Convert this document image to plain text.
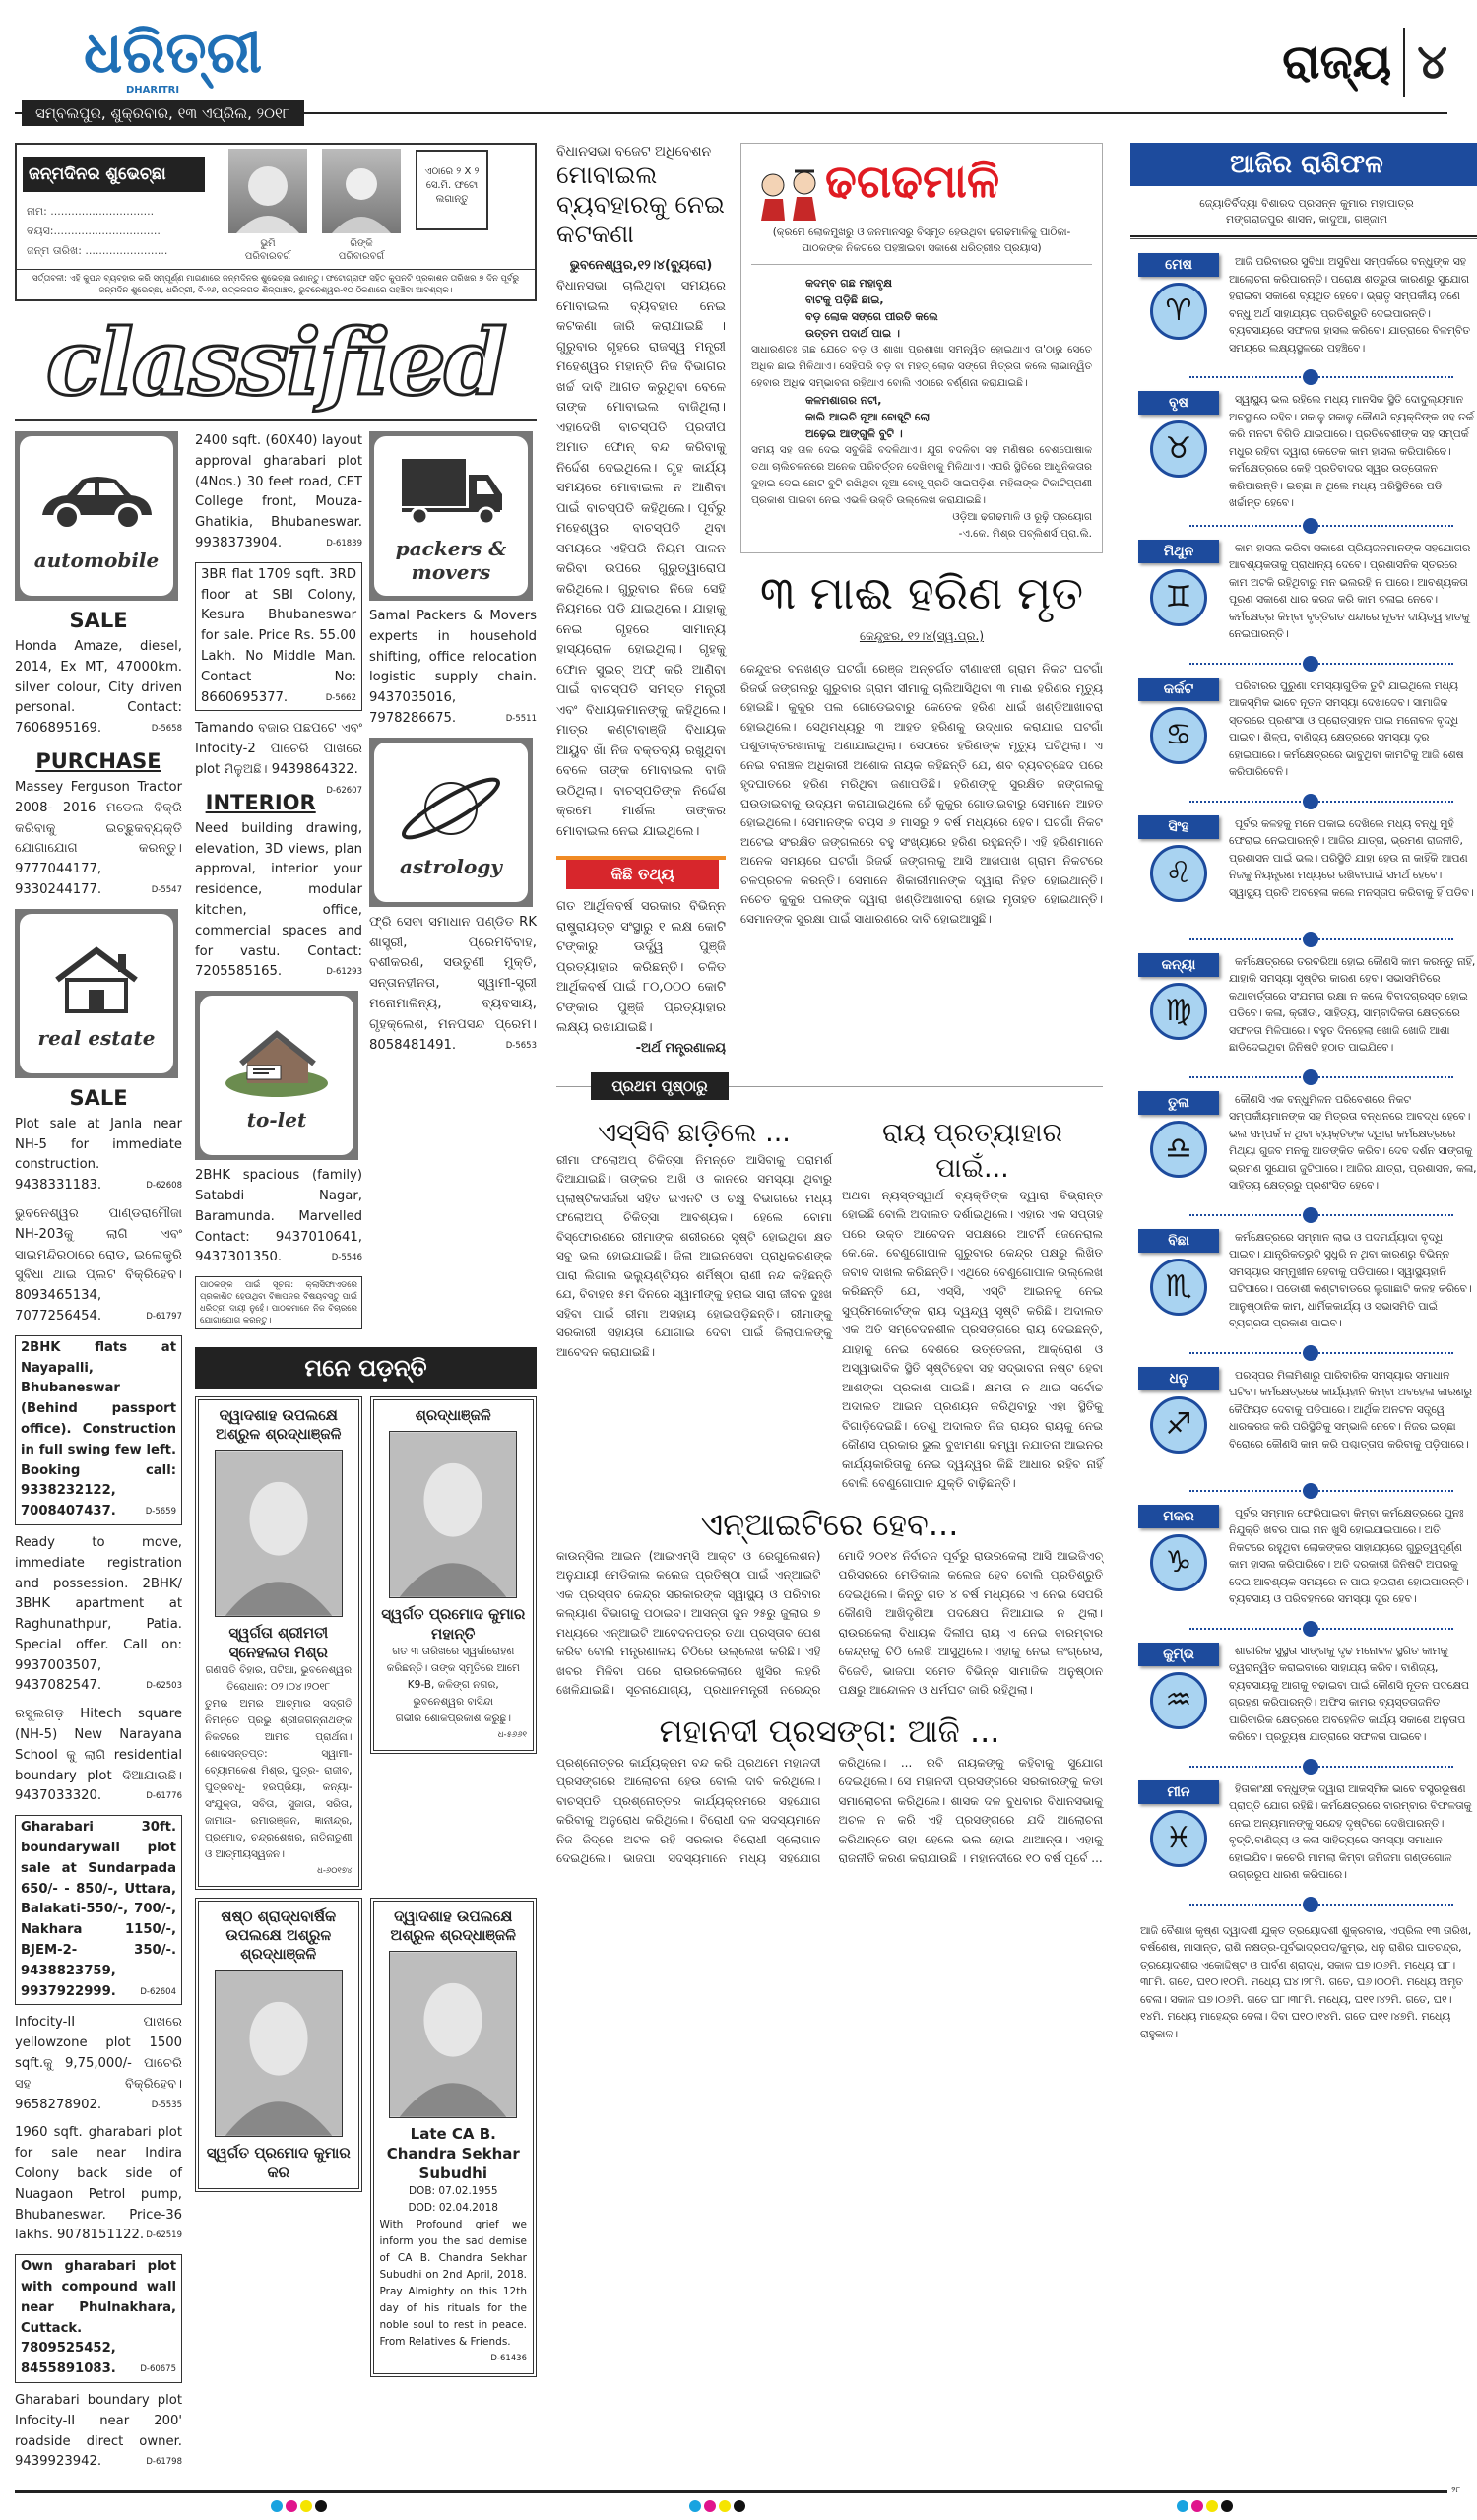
ଧରିତ୍ରୀ
DHARITRI
ସମ୍ବଲପୁର, ଶୁକ୍ରବାର, ୧୩ ଏପ୍ରିଲ, ୨୦୧୮
ରାଜ୍ୟ ୪
ଜନ୍ମଦିନର ଶୁଭେଚ୍ଛା
ନାମ: ..............................
ବୟସ:...............................
ଜନ୍ମ ତାରିଖ: ........................
ଭୁମି
ପରିବାରବର୍ଗ
ରିଙ୍କି
ପରିବାରବର୍ଗ
ଏଠାରେ ୨ X ୨ ସେ.ମି. ଫଟୋ ଲଗାନ୍ତୁ
ସର୍ତ୍ତାବଳୀ: ଏହି କୁପନ ବ୍ୟବହାର କରି ସମ୍ପୂର୍ଣ୍ଣ ମାଗଣାରେ ଜନ୍ମଦିନର ଶୁଭେଚ୍ଛା ଜଣାନ୍ତୁ। ଫଟୋଗ୍ରାଫ ସହିତ କୁପନଟି ପ୍ରକାଶନ ତାରିଖର ୭ ଦିନ ପୂର୍ବରୁ ଜନ୍ମଦିନ ଶୁଭେଚ୍ଛା, ଧରିତ୍ରୀ, ବି-୨୬, ଉତ୍କଳଗଡ ଶିଳ୍ପାଞ୍ଚଳ, ଭୁବନେଶ୍ୱର-୧୦ ଠିକଣାରେ ପହଞ୍ଚିବା ଆବଶ୍ୟକ।
classified
automobile
SALE
Honda Amaze, diesel, 2014, Ex MT, 47000km. silver colour, City driven personal. Contact: 7606895169.	D-5658
PURCHASE
Massey Ferguson Tractor 2008- 2016 ମଡେଲ ବିକ୍ରି କରିବାକୁ ଇଚ୍ଛୁକବ୍ୟକ୍ତି ଯୋଗାଯୋଗ କରନ୍ତୁ। 9777044177, 9330244177.	D-5547
real estate
SALE
Plot sale at Janla near NH-5 for immediate construction. 9438331183.	D-62608
ଭୁବନେଶ୍ୱର ପାଣ୍ଡରାମୌଜା NH-203କୁ ଲାଗି ଏବଂ ସାଇମନ୍ଦିରଠାରେ ରୋଡ, ଇଲେକ୍ଟ୍ରି ସୁବିଧା ଥାଇ ପ୍ଲଟ ବିକ୍ରିହେବ। 8093465134, 7077256454.	D-61797
2BHK flats at Nayapalli, Bhubaneswar (Behind passport office). Construction in full swing few left. Booking call: 9338232122, 7008407437.	D-5659
Ready to move, immediate registration and possession. 2BHK/ 3BHK apartment at Raghunathpur, Patia. Special offer. Call on: 9937003507, 9437082547.	D-62503
ରସୁଲଗଡ଼ Hitech square (NH-5) New Narayana School କୁ ଲାଗି residential boundary plot ଦିଆଯାଉଛି। 9437033320.	D-61776
Gharabari 30ft. boundarywall plot sale at Sundarpada 650/- - 850/-, Uttara, Balakati-550/-, 700/-, Nakhara 1150/-, BJEM-2- 350/-. 9438823759, 9937922999.	D-62604
Infocity-II ପାଖରେ yellowzone plot 1500 sqft.କୁ 9,75,000/- ପାଚେରି ସହ ବିକ୍ରିହେବ। 9658278902.	D-5535
1960 sqft. gharabari plot for sale near Indira Colony back side of Nuagaon Petrol pump, Bhubaneswar. Price-36 lakhs. 9078151122. D-62519
Own gharabari plot with compound wall near Phulnakhara, Cuttack. 7809525452, 8455891083.	D-60675
Gharabari boundary plot Infocity-II near 200' roadside direct owner. 9439923942.	D-61798
2400 sqft. (60X40) layout approval gharabari plot (4Nos.) 30 feet road, CET College front, Mouza-Ghatikia, Bhubaneswar. 9938373904.	D-61839
3BR flat 1709 sqft. 3RD floor at SBI Colony, Kesura Bhubaneswar for sale. Price Rs. 55.00 Lakh. No Middle Man. Contact No: 8660695377.	D-5662
Tamando ବଜାର ପଛପଟେ ଏବଂ Infocity-2 ପାଚେରି ପାଖରେ plot ମିଳୁଅଛି। 9439864322.
D-62607
INTERIOR
Need building drawing, elevation, 3D views, plan approval, interior your residence, modular kitchen, office, commercial spaces and for vastu. Contact: 7205585165.	D-61293
to-let
2BHK spacious (family) Satabdi Nagar, Baramunda. Marvelled Contact: 9437010641, 9437301350.	D-5546
ପାଠକଙ୍କ ପାଇଁ ସୂଚନା: କ୍ଲାସିଫାଏଡରେ ପ୍ରକାଶିତ ହେଉଥିବା ବିଜ୍ଞାପନର ବିଷୟବସ୍ତୁ ପାଇଁ ଧରିତ୍ରୀ ଦାୟୀ ନୁହେଁ। ପାଠକମାନେ ନିଜ ବିଚାରରେ ଯୋଗାଯୋଗ କରନ୍ତୁ।
packers & movers
Samal Packers & Movers experts in household shifting, office relocation logistic supply chain. 9437035016, 7978286675.	D-5511
astrology
ଫ୍ରି ସେବା ସମାଧାନ ପଣ୍ଡିତ RK ଶାସ୍ତ୍ରୀ, ପ୍ରେମବିବାହ, ବଶୀକରଣ, ସଉତୁଣୀ ମୁକ୍ତି, ସନ୍ତାନହୀନତା, ସ୍ୱାମୀ-ସ୍ତ୍ରୀ ମନୋମାଳିନ୍ୟ, ବ୍ୟବସାୟ, ଗୃହକ୍ଲେଶ, ମନପସନ୍ଦ ପ୍ରେମ। 8058481491.	D-5653
ମନେ ପଡ଼ନ୍ତି
ଦ୍ୱାଦଶାହ ଉପଲକ୍ଷେ ଅଶ୍ରୁଳ ଶ୍ରଦ୍ଧାଞ୍ଜଳି
ସ୍ୱର୍ଗତା ଶ୍ରୀମତୀ ସ୍ନେହଲତା ମିଶ୍ର
ଗଣପତି ବିହାର, ପଟିଆ, ଭୁବନେଶ୍ୱର
ତିରୋଧାନ: ୦୨।୦୪।୨୦୧୮
ତୁମର ଅମର ଆତ୍ମାର ସଦ୍‌ଗତି ନିମନ୍ତେ ପ୍ରଭୁ ଶ୍ରୀଜଗନ୍ନାଥଙ୍କ ନିକଟରେ ଆମର ପ୍ରାର୍ଥନା। ଶୋକସନ୍ତପ୍ତ: ସ୍ୱାମୀ- ବ୍ୟୋମକେଶ ମିଶ୍ର, ପୁତ୍ର- ରାଜୀବ, ପୁତ୍ରବଧୂ- ହରପ୍ରିୟା, କନ୍ୟା- ସଂଯୁକ୍ତା, ସବିତା, ସୁଜାତା, ସରିତା, ଜାମାତା- ରମାରଞ୍ଜନ, ଜ୍ଞାନୀନ୍ଦ୍ର, ପ୍ରମୋଦ, ଚନ୍ଦ୍ରଶେଖର, ନାତିନାତୁଣୀ ଓ ଆତ୍ମୀୟସ୍ୱଜନ।
ଧ-୬୦୧୭୪
ଶ୍ରଦ୍ଧାଞ୍ଜଳି
ସ୍ୱର୍ଗତ ପ୍ରମୋଦ କୁମାର ମହାନ୍ତି
ଗତ ୩ ତାରିଖରେ ସ୍ୱର୍ଗାରୋହଣ କରିଛନ୍ତି। ତାଙ୍କ ସ୍ମୃତିରେ ଆମେ
K9-B, କଳିଙ୍ଗ ନଗର,
ଭୁବନେଶ୍ୱର ବାସିନ୍ଦା
ଗଭୀର ଶୋକପ୍ରକାଶ କରୁଛୁ।
ଧ-୫୬୬୧
ଷଷ୍ଠ ଶ୍ରାଦ୍ଧବାର୍ଷିକ ଉପଲକ୍ଷେ ଅଶ୍ରୁଳ ଶ୍ରଦ୍ଧାଞ୍ଜଳି
ସ୍ୱର୍ଗତ ପ୍ରମୋଦ କୁମାର କର
ଦ୍ୱାଦଶାହ ଉପଲକ୍ଷେ ଅଶ୍ରୁଳ ଶ୍ରଦ୍ଧାଞ୍ଜଳି
Late CA B. Chandra Sekhar Subudhi
DOB: 07.02.1955
DOD: 02.04.2018
With Profound grief we inform you the sad demise of CA B. Chandra Sekhar Subudhi on 2nd April, 2018. Pray Almighty on this 12th day of his rituals for the noble soul to rest in peace. From Relatives & Friends.
D-61436
ବିଧାନସଭା ବଜେଟ ଅଧିବେଶନ
ମୋବାଇଲ ବ୍ୟବହାରକୁ ନେଇ କଟକଣା
ଭୁବନେଶ୍ୱର,୧୨।୪(ବ୍ୟୁରୋ)
ବିଧାନସଭା ଚାଲିଥିବା ସମୟରେ ମୋବାଇଲ ବ୍ୟବହାର ନେଇ କଟକଣା ଜାରି କରାଯାଇଛି । ଗୁରୁବାର ଗୃହରେ ରାଜସ୍ୱ ମନ୍ତ୍ରୀ ମହେଶ୍ୱର ମହାନ୍ତି ନିଜ ବିଭାଗର ଖର୍ଚ୍ଚ ଦାବି ଆଗତ କରୁଥିବା ବେଳେ ତାଙ୍କ ମୋବାଇଲ ବାଜିଥିଲା। ଏହାଦେଖି ବାଚସ୍ପତି ପ୍ରଦୀପ ଅମାତ ଫୋନ୍ ବନ୍ଦ କରିବାକୁ ନିର୍ଦ୍ଦେଶ ଦେଇଥିଲେ। ଗୃହ କାର୍ଯ୍ୟ ସମୟରେ ମୋବାଇଲ ନ ଆଣିବା ପାଇଁ ବାଚସ୍ପତି କହିଥିଲେ। ପୂର୍ବରୁ ମହେଶ୍ୱର ବାଚସ୍ପତି ଥିବା ସମୟରେ ଏହିପରି ନିୟମ ପାଳନ କରିବା ଉପରେ ଗୁରୁତ୍ୱାରୋପ କରିଥିଲେ। ଗୁରୁବାର ନିଜେ ସେହି ନିୟମରେ ପଡି ଯାଇଥିଲେ। ଯାହାକୁ ନେଇ ଗୃହରେ ସାମାନ୍ୟ ହାସ୍ୟରୋଳ ହୋଇଥିଲା। ଗୃହକୁ ଫୋନ ସୁଇଚ୍ ଅଫ୍ କରି ଆଣିବା ପାଇଁ ବାଚସ୍ପତି ସମସ୍ତ ମନ୍ତ୍ରୀ ଏବଂ ବିଧାୟକମାନଙ୍କୁ କହିଥିଲେ। ମାତ୍ର କଣ୍ଟାବାଞ୍ଜି ବିଧାୟକ ଆୟୁବ ଖାଁ ନିଜ ବକ୍ତବ୍ୟ ରଖୁଥିବା ବେଳେ ତାଙ୍କ ମୋବାଇଲ ବାଜି ଉଠିଥିଲା। ବାଚସ୍ପତିଙ୍କ ନିର୍ଦ୍ଦେଶ କ୍ରମେ ମାର୍ଶଲ ତାଙ୍କର ମୋବାଇଲ ନେଇ ଯାଇଥିଲେ।
କିଛି ତଥ୍ୟ
ଗତ ଆର୍ଥିକବର୍ଷ ସରକାର ବିଭିନ୍ନ ରାଷ୍ଟ୍ରାୟତ୍ତ ସଂସ୍ଥାରୁ ୧ ଲକ୍ଷ କୋଟି ଟଙ୍କାରୁ ଊର୍ଦ୍ଧ୍ୱ ପୁଞ୍ଜି ପ୍ରତ୍ୟାହାର କରିଛନ୍ତି। ଚଳିତ ଆର୍ଥିକବର୍ଷ ପାଇଁ ୮୦,୦୦୦ କୋଟି ଟଙ୍କାର ପୁଞ୍ଜି ପ୍ରତ୍ୟାହାର ଲକ୍ଷ୍ୟ ରଖାଯାଇଛି।
-ଅର୍ଥ ମନ୍ତ୍ରଣାଳୟ
ଢଗଢମାଳି
(କ୍ରମେ ଲୋକମୁଖରୁ ଓ ଜନମାନସରୁ ବିସ୍ମୃତ ହେଉଥିବା ଢଗଢମାଳିକୁ ପାଠିକା-ପାଠକଙ୍କ ନିକଟରେ ପହଞ୍ଚାଇବା ସକାଶେ ଧରିତ୍ରୀର ପ୍ରୟାସ)
କଦମ୍ବ ଗଛ ମହାବୃକ୍ଷ
ବାଟକୁ ପଡ଼ିଛି ଛାଇ,
ବଡ଼ ଲୋକ ସଙ୍ଗେ ପୀରତି କଲେ
ଉତ୍ତମ ପଦାର୍ଥ ପାଇ ।
ସାଧାରଣତଃ ଗଛ ଯେତେ ବଡ଼ ଓ ଶାଖା ପ୍ରଶାଖା ସମନ୍ୱିତ ହୋଇଥାଏ ତା'ଠାରୁ ସେତେ ଅଧିକ ଛାଇ ମିଳିଥାଏ। ସେହିପରି ବଡ଼ ବା ମହତ୍ ଲୋକ ସଙ୍ଗେ ମିତ୍ରତା କଲେ ଲାଭାନ୍ୱିତ ହେବାର ଅଧିକ ସମ୍ଭାବନା ରହିଥାଏ ବୋଲି ଏଠାରେ ବର୍ଣ୍ଣନା କରାଯାଇଛି।
କଳମଶାଗର ନଟୀ,
କାଲି ଆଇଚି ନୂଆ ବୋହୂଟି ଲୋ
ଅଢ଼େଇ ଆଙ୍ଗୁଳି ବୁଟି ।
ସମୟ ସହ ତାଳ ଦେଇ ସବୁକିଛି ବଦଳିଥାଏ। ଯୁଗ ବଦଳିବା ସହ ମଣିଷର ବେଶପୋଷାକ ତଥା ଚାଲିଚଳନରେ ଅନେକ ପରିବର୍ତ୍ତନ ଦେଖିବାକୁ ମିଳିଥାଏ। ଏପରି ସ୍ଥିତିରେ ଆଧୁନିକତାର ଦୁହାଇ ଦେଇ ଛୋଟ ବୁଟି ରଖିଥିବା ନୂଆ ବୋହୂ ପ୍ରତି ସାଇପଡ଼ିଶା ମହିଳାଙ୍କ ଟିକାଟିପ୍ପଣୀ ପ୍ରକାଶ ପାଇବା ନେଇ ଏଭଳି ଉକ୍ତି ଉଲ୍ଲେଖ କରାଯାଇଛି।
ଓଡ଼ିଆ ଢଗଢମାଳି ଓ ରୂଢ଼ି ପ୍ରୟୋଗ
-ଏ.କେ. ମିଶ୍ର ପବ୍ଲିଶର୍ସ ପ୍ରା.ଲି.
୩ ମାଈ ହରିଣ ମୃତ
କେନ୍ଦୁଝର, ୧୨।୪(ସ୍ୱ.ପ୍ର.)
କେନ୍ଦୁଝର ବନଖଣ୍ଡ ଘଟଗାଁ ରେଞ୍ଜ ଅନ୍ତର୍ଗତ ବୀଣାଝରୀ ଗ୍ରାମ ନିକଟ ଘଟଗାଁ ରିଜର୍ଭ ଜଙ୍ଗଲରୁ ଗୁରୁବାର ଗ୍ରାମ ସୀମାକୁ ଚାଲିଆସିଥିବା ୩ ମାଈ ହରିଣର ମୃତ୍ୟୁ ହୋଇଛି। କୁକୁର ପଲ ଗୋଡେଇବାରୁ କେତେକ ହରିଣ ଧାଇଁ ଖଣ୍ଡିଆଖାବରା ହୋଇଥିଲେ। ସେଥିମଧ୍ୟରୁ ୩ ଆହତ ହରିଣକୁ ଉଦ୍ଧାର କରାଯାଇ ଘଟଗାଁ ପଶୁଡାକ୍ତରଖାନାକୁ ଅଣାଯାଇଥିଲା। ସେଠାରେ ହରିଣଙ୍କ ମୃତ୍ୟୁ ଘଟିଥିଲା। ଏ ନେଇ ବନାଞ୍ଚଳ ଅଧିକାରୀ ଅଶୋକ ନାୟକ କହିଛନ୍ତି ଯେ, ଶବ ବ୍ୟବଚ୍ଛେଦ ପରେ ହୃଦଘାତରେ ହରିଣ ମରିଥିବା ଜଣାପଡିଛି। ହରିଣଙ୍କୁ ସୁରକ୍ଷିତ ଜଙ୍ଗଲକୁ ଘଉଡାଇବାକୁ ଉଦ୍ୟମ କରାଯାଇଥିଲେ ହେଁ କୁକୁର ଗୋଡାଇବାରୁ ସେମାନେ ଆହତ ହୋଇଥିଲେ। ସେମାନଙ୍କ ବୟସ ୬ ମାସରୁ ୨ ବର୍ଷ ମଧ୍ୟରେ ହେବ। ଘଟଗାଁ ନିକଟ ଅଟେଇ ସଂରକ୍ଷିତ ଜଙ୍ଗଲରେ ବହୁ ସଂଖ୍ୟାରେ ହରିଣ ରହୁଛନ୍ତି। ଏହି ହରିଣମାନେ ଅନେକ ସମୟରେ ଘଟଗାଁ ରିଜର୍ଭ ଜଙ୍ଗଲକୁ ଆସି ଆଖପାଖ ଗ୍ରାମ ନିକଟରେ ଚଳପ୍ରଚଳ କରନ୍ତି। ସେମାନେ ଶିକାରୀମାନଙ୍କ ଦ୍ୱାରା ନିହତ ହୋଇଥାନ୍ତି। ନଚେତ କୁକୁର ପଲଙ୍କ ଦ୍ୱାରା ଖଣ୍ଡିଆଖାବରା ହୋଇ ମୃତାହତ ହୋଇଥାନ୍ତି। ସେମାନଙ୍କ ସୁରକ୍ଷା ପାଇଁ ସାଧାରଣରେ ଦାବି ହୋଇଆସୁଛି।
ପ୍ରଥମ ପୃଷ୍ଠାରୁ
ଏସ୍‌ସିବି ଛାଡ଼ିଲେ ...
ରୀମା ଫଲୋଅପ୍ ଚିକିତ୍ସା ନିମନ୍ତେ ଆସିବାକୁ ପରାମର୍ଶ ଦିଆଯାଇଛି। ତାଙ୍କର ଆଖି ଓ କାନରେ ସମସ୍ୟା ଥିବାରୁ ପ୍ଲାଷ୍ଟିକସର୍ଜରୀ ସହିତ ଇଏନଟି ଓ ଚକ୍ଷୁ ବିଭାଗରେ ମଧ୍ୟ ଫଲୋଅପ୍ ଚିକିତ୍ସା ଆବଶ୍ୟକ। ହେଲେ ବୋମା ବିସ୍ଫୋରଣରେ ରୀମାଙ୍କ ଶରୀରରେ ସୃଷ୍ଟି ହୋଇଥିବା କ୍ଷତ ସବୁ ଭଲ ହୋଇଯାଇଛି। ଜିଲା ଆଇନସେବା ପ୍ରାଧିକରଣଙ୍କ ପାରା ଲିଗାଲ ଭଲ୍ୟୁଣ୍ଟିୟର ଶର୍ମିଷ୍ଠା ରାଣୀ ନନ୍ଦ କହିଛନ୍ତି ଯେ, ବିବାହର ୫ମ ଦିନରେ ସ୍ୱାମୀଙ୍କୁ ହରାଇ ସାରା ଜୀବନ ଦୁଃଖ ସହିବା ପାଇଁ ରୀମା ଅସହାୟ ହୋଇପଡ଼ିଛନ୍ତି। ରୀମାଙ୍କୁ ସରକାରୀ ସହାୟତା ଯୋଗାଇ ଦେବା ପାଇଁ ଜିଲାପାଳଙ୍କୁ ଆବେଦନ କରାଯାଇଛି।
ରାୟ ପ୍ରତ୍ୟାହାର ପାଇଁ...
ଅଥବା ନ୍ୟସ୍ତସ୍ୱାର୍ଥ ବ୍ୟକ୍ତିଙ୍କ ଦ୍ୱାରା ବିଭ୍ରାନ୍ତ ହୋଇଛି ବୋଲି ଅଦାଲତ ଦର୍ଶାଇଥିଲେ। ଏହାର ଏକ ସପ୍ତାହ ପରେ ଉକ୍ତ ଆବେଦନ ସପକ୍ଷରେ ଆଟର୍ନି ଜେନେରାଲ କେ.କେ. ବେଣୁଗୋପାଳ ଗୁରୁବାର କେନ୍ଦ୍ର ପକ୍ଷରୁ ଲିଖିତ ଜବାବ ଦାଖଲ କରିଛନ୍ତି। ଏଥିରେ ବେଣୁଗୋପାଳ ଉଲ୍ଲେଖ କରିଛନ୍ତି ଯେ, ଏସ୍‌ସି, ଏସ୍‌ଟି ଆଇନକୁ ନେଇ ସୁପ୍ରିମକୋର୍ଟଙ୍କ ରାୟ ଦ୍ୱନ୍ଦ୍ୱ ସୃଷ୍ଟି କରିଛି। ଅଦାଲତ ଏକ ଅତି ସମ୍ବେଦନଶୀଳ ପ୍ରସଙ୍ଗରେ ରାୟ ଦେଇଛନ୍ତି, ଯାହାକୁ ନେଇ ଦେଶରେ ଉତ୍ତେଜନା, ଆକ୍ରୋଶ ଓ ଅସ୍ୱାଭାବିକ ସ୍ଥିତି ସୃଷ୍ଟିହେବା ସହ ସଦ୍ଭାବନା ନଷ୍ଟ ହେବା ଆଶଙ୍କା ପ୍ରକାଶ ପାଇଛି। କ୍ଷମତା ନ ଥାଇ ସର୍ବୋଚ୍ଚ ଅଦାଲତ ଆଇନ ପ୍ରଣୟନ କରିଥିବାରୁ ଏହା ସ୍ଥିତିକୁ ବିଗାଡ଼ିଦେଇଛି। ତେଣୁ ଅଦାଲତ ନିଜ ରାୟର ରାୟକୁ ନେଇ କୌଣସ ପ୍ରକାର ଭୁଲ ବୁଝାମଣା କମ୍ୱା ନଯାତନା ଆଇନର କାର୍ଯ୍ୟକାରିତାକୁ ନେଇ ଦ୍ୱନ୍ଦ୍ୱର କିଛି ଆଧାର ରହିବ ନାହିଁ ବୋଲି ବେଣୁଗୋପାଳ ଯୁକ୍ତି ବାଢ଼ିଛନ୍ତି।
ଏନ୍‌ଆଇଟିରେ ହେବ...
କାଉନ୍‌ସିଲ ଆଇନ (ଆଇଏମ୍‌ସି ଆକ୍ଟ ଓ ରେଗୁଲେଶନ) ଅନୁଯାୟୀ ମେଡିକାଲ କଲେଜ ପ୍ରତିଷ୍ଠା ପାଇଁ ଏନ୍‌ଆଇଟି ଏକ ପ୍ରସ୍ତାବ କେନ୍ଦ୍ର ସରକାରଙ୍କ ସ୍ୱାସ୍ଥ୍ୟ ଓ ପରିବାର କଲ୍ୟାଣ ବିଭାଗକୁ ପଠାଇବ। ଆସନ୍ତା ଜୁନ ୨୫ରୁ ଜୁଲାଇ ୭ ମଧ୍ୟରେ ଏନ୍‌ଆଇଟି ଆବେଦନପତ୍ର ତଥା ପ୍ରସ୍ତାବ ପେଶ କରିବ ବୋଲି ମନ୍ତ୍ରଣାଳୟ ଚିଠିରେ ଉଲ୍ଲେଖ କରିଛି। ଏହି ଖବର ମିଳିବା ପରେ ରାଉରକେଲାରେ ଖୁସିର ଲହରି ଖେଳିଯାଇଛି। ସୂଚନାଯୋଗ୍ୟ, ପ୍ରଧାନମନ୍ତ୍ରୀ ନରେନ୍ଦ୍ର ମୋଦି ୨୦୧୪ ନିର୍ବାଚନ ପୂର୍ବରୁ ରାଉରକେଲା ଆସି ଆଇଜିଏଚ୍ ପରିସରରେ ମେଡିକାଲ କଲେଜ ହେବ ବୋଲି ପ୍ରତିଶ୍ରୁତି ଦେଇଥିଲେ। କିନ୍ତୁ ଗତ ୪ ବର୍ଷ ମଧ୍ୟରେ ଏ ନେଇ ସେପରି କୌଣସି ଆଖିଦୃଶିଆ ପଦକ୍ଷେପ ନିଆଯାଇ ନ ଥିଲା। ରାଉରକେଲା ବିଧାୟକ ଦିଲୀପ ରାୟ ଏ ନେଇ ବାରମ୍ବାର କେନ୍ଦ୍ରକୁ ଚିଠି ଲେଖି ଆସୁଥିଲେ। ଏହାକୁ ନେଇ କଂଗ୍ରେସ, ବିଜେଡି, ଭାଜପା ସମେତ ବିଭିନ୍ନ ସାମାଜିକ ଅନୁଷ୍ଠାନ ପକ୍ଷରୁ ଆନ୍ଦୋଳନ ଓ ଧର୍ମଘଟ ଜାରି ରହିଥିଲା।
ମହାନଦୀ ପ୍ରସଙ୍ଗ: ଆଜି ...
ପ୍ରଶ୍ନୋତ୍ତର କାର୍ଯ୍ୟକ୍ରମ ବନ୍ଦ କରି ପ୍ରଥମେ ମହାନଦୀ ପ୍ରସଙ୍ଗରେ ଆଲୋଚନା ହେଉ ବୋଲି ଦାବି କରିଥିଲେ। ବାଚସ୍ପତି ପ୍ରଶ୍ନୋତ୍ତର କାର୍ଯ୍ୟକ୍ରମରେ ସହଯୋଗ କରିବାକୁ ଅନୁରୋଧ କରିଥିଲେ। ବିରୋଧୀ ଦଳ ସଦସ୍ୟମାନେ ନିଜ ଜିଦ୍‌ରେ ଅଟଳ ରହି ସରକାର ବିରୋଧୀ ସ୍ଲୋଗାନ ଦେଇଥିଲେ। ଭାଜପା ସଦସ୍ୟମାନେ ମଧ୍ୟ ସହଯୋଗ କରିଥିଲେ। ... ରବି ନାୟକଙ୍କୁ କହିବାକୁ ସୁଯୋଗ ଦେଇଥିଲେ। ସେ ମହାନଦୀ ପ୍ରସଙ୍ଗରେ ସରକାରଙ୍କୁ କଡା ସମାଲୋଚନା କରିଥିଲେ। ଶାସକ ଦଳ ବୁଧବାର ବିଧାନସଭାକୁ ଅଚଳ ନ କରି ଏହି ପ୍ରସଙ୍ଗରେ ଯଦି ଆଲୋଚନା କରିଥାନ୍ତେ ତାହା ହେଲେ ଭଲ ହୋଇ ଥାଆନ୍ତା। ଏହାକୁ ରାଜନୀତି କରଣ କରାଯାଉଛି । ମହାନଦୀରେ ୧୦ ବର୍ଷ ପୂର୍ବେ ...
ଆଜିର ରାଶିଫଳ
ଜ୍ୟୋତିର୍ବିଦ୍ୟା ବିଶାରଦ ପ୍ରସନ୍ନ କୁମାର ମହାପାତ୍ର
ମଙ୍ଗରାଜପୁର ଶାସନ, କାଦୁଆ, ଗଞ୍ଜାମ
ମେଷ
♈
ଆଜି ପରିବାରର ସୁବିଧା ଅସୁବିଧା ସମ୍ପର୍କରେ ବନ୍ଧୁଙ୍କ ସହ ଆଲୋଚନା କରିପାରନ୍ତି। ପରୋକ୍ଷ ଶତ୍ରୁତା କାରଣରୁ ସୁଯୋଗ ହରାଇବା ସକାଶେ ବ୍ୟଥିତ ହେବେ। ଭ୍ରାତୃ ସମ୍ପର୍କୀୟ ଜଣେ ବନ୍ଧୁ ଅର୍ଥ ସାହାଯ୍ୟର ପ୍ରତିଶ୍ରୁତି ଦେଇପାରନ୍ତି। ବ୍ୟବସାୟରେ ସଫଳତା ହାସଲ କରିବେ। ଯାତ୍ରାରେ ବିଳମ୍ବିତ ସମୟରେ ଲକ୍ଷ୍ୟସ୍ଥଳରେ ପହଞ୍ଚିବେ।
ବୃଷ
♉
ସ୍ୱାସ୍ଥ୍ୟ ଭଲ ରହିଲେ ମଧ୍ୟ ମାନସିକ ସ୍ଥିତି ଦୋଦୁଲ୍ୟମାନ ଅବସ୍ଥାରେ ରହିବ। ସକାଳୁ ସକାଳୁ କୌଣସି ବ୍ୟକ୍ତିଙ୍କ ସହ ତର୍କ କରି ମନଟା ବିଗିଡି ଯାଇପାରେ। ପ୍ରତିବେଶୀଙ୍କ ସହ ସମ୍ପର୍କ ମଧୁର ରହିବା ଦ୍ୱାରା କେତେକ କାମ ହାସଲ କରିପାରିବେ। କର୍ମକ୍ଷେତ୍ରରେ କେହି ପ୍ରତିବାଦର ସ୍ୱର ଉତ୍ତୋଳନ କରିପାରନ୍ତି। ଇଚ୍ଛା ନ ଥିଲେ ମଧ୍ୟ ପରିସ୍ଥିତିରେ ପଡି ଖର୍ଚ୍ଚାନ୍ତ ହେବେ।
ମିଥୁନ
♊
କାମ ହାସଲ କରିବା ସକାଶେ ପ୍ରିୟଜନମାନଙ୍କ ସହଯୋଗର ଆବଶ୍ୟକତାକୁ ପ୍ରାଧାନ୍ୟ ଦେବେ। ପ୍ରଶାସନିକ ସ୍ତରରେ କାମ ଅଟକି ରହିଥିବାରୁ ମନ ଭଲରହି ନ ପାରେ। ଆବଶ୍ୟକତା ପୂରଣ ସକାଶେ ଧାର କରଜ କରି କାମ ଚଳାଇ ନେବେ। କର୍ମକ୍ଷେତ୍ର କିମ୍ବା ବୃତ୍ତିଗତ ଧନ୍ଦାରେ ନୂତନ ଦାୟିତ୍ୱ ହାତକୁ ନେଇପାରନ୍ତି।
କର୍କଟ
♋
ପରିବାରର ପୁରୁଣା ସମସ୍ୟାଗୁଡିକ ତୁଟି ଯାଇଥିଲେ ମଧ୍ୟ ଆକସ୍ମିକ ଭାବେ ନୂତନ ସମସ୍ୟା ଦେଖାଦେବ। ସାମାଜିକ ସ୍ତରରେ ପ୍ରଶଂସା ଓ ପ୍ରୋତ୍ସାହନ ପାଇ ମନୋବଳ ବୃଦ୍ଧି ପାଇବ। ଶିଳ୍ପ, ବାଣିଜ୍ୟ କ୍ଷେତ୍ରରେ ସମସ୍ୟା ଦୂର ହୋଇପାରେ। କର୍ମକ୍ଷେତ୍ରରେ ଭାବୁଥିବା କାମଟିକୁ ଆଜି ଶେଷ କରିପାରିବେନି।
ସିଂହ
♌
ପୂର୍ବର କଳହକୁ ମନେ ପକାଇ ଦେଖିଲେ ମଧ୍ୟ ବନ୍ଧୁ ମୁହଁ ଫେରାଇ ନେଇପାରନ୍ତି। ଆଜିର ଯାତ୍ରା, ଭ୍ରମଣ ରାଜନୀତି, ପ୍ରଶାସନ ପାଇଁ ଭଲ। ପରିସ୍ଥିତି ଯାହା ହେଉ ନା କାହିଁକି ଆପଣ ନିଜକୁ ନିୟନ୍ତ୍ରଣ ମଧ୍ୟରେ ରଖିବାପାଇଁ ସମର୍ଥ ହେବେ। ସ୍ୱାସ୍ଥ୍ୟ ପ୍ରତି ଅବହେଳା କଲେ ମନସ୍ତାପ କରିବାକୁ ହିଁ ପଡିବ।
କନ୍ୟା
♍
କର୍ମକ୍ଷେତ୍ରରେ ତରବରିଆ ହୋଇ କୌଣସି କାମ କରନ୍ତୁ ନାହିଁ, ଯାହାକି ସମସ୍ୟା ସୃଷ୍ଟିର କାରଣ ହେବ। ସଭାସମିତିରେ କଥାବାର୍ତ୍ତାରେ ସଂଯମତା ରକ୍ଷା ନ କଲେ ବିବାଦଗ୍ରସ୍ତ ହୋଇ ପଡିବେ। କଳା, କ୍ରୀଡା, ସାହିତ୍ୟ, ସାମ୍ବାଦିକତା କ୍ଷେତ୍ରରେ ସଫଳତା ମିଳିପାରେ। ବହୁତ ଦିନହେଲା ଖୋଜି ଖୋଜି ଆଶା ଛାଡିଦେଇଥିବା ଜିନିଷଟି ହଠାତ ପାଇଯିବେ।
ତୁଳା
♎
କୌଣସି ଏକ ବନ୍ଧୁମିଳନ ପରିବେଶରେ ନିକଟ ସମ୍ପର୍କୀୟମାନଙ୍କ ସହ ମିତ୍ରତା ବନ୍ଧନରେ ଆବଦ୍ଧ ହେବେ। ଭଲ ସମ୍ପର୍କ ନ ଥିବା ବ୍ୟକ୍ତିଙ୍କ ଦ୍ୱାରା କର୍ମକ୍ଷେତ୍ରରେ ମିଥ୍ୟା ଗୁଜବ ମନକୁ ଆତଙ୍କିତ କରିବ। ଦେବ ଦର୍ଶନ ସାଙ୍ଗକୁ ଭ୍ରମଣ ସୁଯୋଗ ଜୁଟିପାରେ। ଆଜିର ଯାତ୍ରା, ପ୍ରଶାସନ, କଳା, ସାହିତ୍ୟ କ୍ଷେତ୍ରରୁ ପ୍ରଶଂସିତ ହେବେ।
ବିଛା
♏
କର୍ମକ୍ଷେତ୍ରରେ ସମ୍ମାନ ଲାଭ ଓ ପଦମର୍ଯ୍ୟାଦା ବୃଦ୍ଧି ପାଇବ। ଯାନ୍ତ୍ରିକତ୍ରୁଟି ସୁଧୁରି ନ ଥିବା କାରଣରୁ ବିଭିନ୍ନ ସମସ୍ୟାର ସମ୍ମୁଖୀନ ହେବାକୁ ପଡିପାରେ। ସ୍ୱାସ୍ଥ୍ୟହାନି ଘଟିପାରେ। ପଡୋଶୀ କଣ୍ଟାବାଡରେ ଲୁଗାଛାଟି କଳହ କରିବେ। ଆନୁଷ୍ଠାନିକ କାମ, ଧାର୍ମିକକାର୍ଯ୍ୟ ଓ ସଭାସମିତି ପାଇଁ ବ୍ୟଗ୍ରତା ପ୍ରକାଶ ପାଇବ।
ଧନୁ
♐
ପରସ୍ପର ମିଳାମିଶାରୁ ପାରିବାରିକ ସମସ୍ୟାର ସମାଧାନ ଘଟିବ। କର୍ମକ୍ଷେତ୍ରରେ କାର୍ଯ୍ୟହାନି କିମ୍ବା ଅବହେଳା କାରଣରୁ କୈଫିୟତ ଦେବାକୁ ପଡିପାରେ। ଆର୍ଥିକ ଅନଟନ ସତ୍ତ୍ୱେ ଧାରକରଜ କରି ପରିସ୍ଥିତିକୁ ସମ୍ଭାଳି ନେବେ। ନିଜର ଇଚ୍ଛା ବିରୋରେ କୌଣସି କାମ କରି ପଶ୍ଚାତ୍ତାପ କରିବାକୁ ପଡ଼ିପାରେ।
ମକର
♑
ପୂର୍ବର ସମ୍ମାନ ଫେରିପାଇବା କିମ୍ବା କର୍ମକ୍ଷେତ୍ରରେ ପୁନଃ ନିଯୁକ୍ତି ଖବର ପାଇ ମନ ଖୁସି ହୋଇଯାଇପାରେ। ଅତି ନିକଟରେ ରହୁଥିବା ଲୋକଙ୍କର ସାହାଯ୍ୟରେ ଗୁରୁତ୍ୱପୂର୍ଣ୍ଣ କାମ ହାସଲ କରିପାରିବେ। ଅତି ଦରକାରୀ ଜିନିଷଟି ଅପରକୁ ଦେଇ ଆବଶ୍ୟକ ସମୟରେ ନ ପାଇ ହଇରାଣ ହୋଇପାରନ୍ତି। ବ୍ୟବସାୟ ଓ ପରିବହନରେ ସମସ୍ୟା ଦୂର ହେବ।
କୁମ୍ଭ
♒
ଶାରୀରିକ ସୁସ୍ଥତା ସାଙ୍ଗକୁ ଦୃଢ ମନୋବଳ ସ୍ଥଗିତ କାମକୁ ତ୍ୱରାନ୍ୱିତ କରାଇବାରେ ସାହାଯ୍ୟ କରିବ। ବାଣିଜ୍ୟ, ବ୍ୟବସାୟକୁ ଆଗକୁ ବଢାଇବା ପାଇଁ କୌଣସି ନୂତନ ପଦକ୍ଷେପ ଗ୍ରହଣ କରିପାରନ୍ତି। ଅଫିସ କାମର ବ୍ୟସ୍ତତାଜନିତ ପାରିବାରିକ କ୍ଷେତ୍ରରେ ଅବହେଳିତ କାର୍ଯ୍ୟ ସକାଶେ ଅନୁତାପ କରିବେ। ପ୍ରତ୍ୟୁଷ ଯାତ୍ରାରେ ସଫଳତା ପାଇବେ।
ମୀନ
♓
ହିତାକାଂକ୍ଷୀ ବନ୍ଧୁଙ୍କ ଦ୍ୱାରା ଆକସ୍ମିକ ଭାବେ ବସ୍ତ୍ରଭୂଷଣ ପ୍ରାପ୍ତି ଯୋଗ ରହିଛି। କର୍ମକ୍ଷେତ୍ରରେ ବାରମ୍ବାର ବିଫଳତାକୁ ନେଇ ଅନ୍ୟମାନଙ୍କୁ ସନ୍ଦେହ ଦୃଷ୍ଟିରେ ଦେଖିପାରନ୍ତି। ବୃତ୍ତି,ବାଣିଜ୍ୟ ଓ କଳା ସାହିତ୍ୟରେ ସମସ୍ୟା ସମାଧାନ ହୋଇଯିବ। କଚେରି ମାମଲା କିମ୍ବା ଜମିଜମା ଗଣ୍ଡଗୋଳ ଉଗ୍ରରୂପ ଧାରଣ କରିପାରେ।
ଆଜି ବୈଶାଖ କୃଷ୍ଣ ଦ୍ୱାଦଶୀ ଯୁକ୍ତ ତ୍ରୟୋଦଶୀ ଶୁକ୍ରବାର, ଏପ୍ରିଲ ୧୩ ତାରିଖ, ବର୍ଷଶେଷ, ମାସାନ୍ତ, ରାଶି ନକ୍ଷତ୍ର-ପୂର୍ବଭାଦ୍ରପଦ/କୁମ୍ଭ, ଧନୁ ରାଶିର ଘାତଚନ୍ଦ୍ର, ତ୍ରୟୋଦଶୀର ଏକୋଦ୍ଦିଷ୍ଟ ଓ ପାର୍ବଣ ଶ୍ରାଦ୍ଧ, ସକାଳ ଘ୭।୦୬ମି. ମଧ୍ୟେ ଘ୮।୩୮ମି. ଗତେ, ଘ୧୦।୧୦ମି. ମଧ୍ୟେ ଘ୪।୨୮ମି. ଗତେ, ଘ୬।୦୦ମି. ମଧ୍ୟେ ଅମୃତ ବେଳା। ସକାଳ ଘ୭।୦୬ମି. ଗତେ ଘ୮।୩୮ମି. ମଧ୍ୟେ, ଘ୧୧।୪୨ମି. ଗତେ, ଘ୧।୧୪ମି. ମଧ୍ୟେ ମାହେନ୍ଦ୍ର ବେଳା। ଦିବା ଘ୧୦।୧୪ମି. ଗତେ ଘ୧୧।୪୭ମି. ମଧ୍ୟେ ରାହୁକାଳ।
୨୮
